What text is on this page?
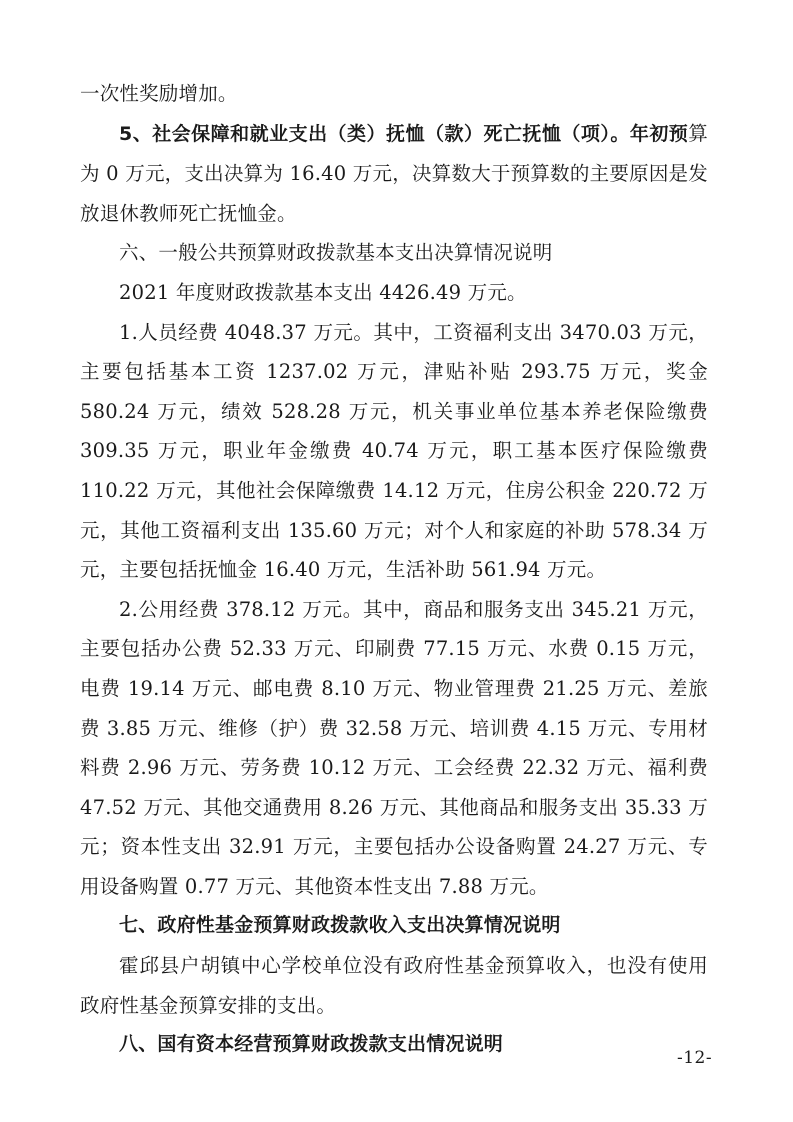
一次性奖励增加。

5、社会保障和就业支出（类）抚恤（款）死亡抚恤（项）。年初预算为 0 万元，支出决算为 16.40 万元，决算数大于预算数的主要原因是发放退休教师死亡抚恤金。

六、一般公共预算财政拨款基本支出决算情况说明

2021 年度财政拨款基本支出 4426.49 万元。

1.人员经费 4048.37 万元。其中，工资福利支出 3470.03 万元，主要包括基本工资 1237.02 万元，津贴补贴 293.75 万元，奖金 580.24 万元，绩效 528.28 万元，机关事业单位基本养老保险缴费 309.35 万元，职业年金缴费 40.74 万元，职工基本医疗保险缴费 110.22 万元，其他社会保障缴费 14.12 万元，住房公积金 220.72 万元，其他工资福利支出 135.60 万元；对个人和家庭的补助 578.34 万元，主要包括抚恤金 16.40 万元，生活补助 561.94 万元。

2.公用经费 378.12 万元。其中，商品和服务支出 345.21 万元，主要包括办公费 52.33 万元、印刷费 77.15 万元、水费 0.15 万元，电费 19.14 万元、邮电费 8.10 万元、物业管理费 21.25 万元、差旅费 3.85 万元、维修（护）费 32.58 万元、培训费 4.15 万元、专用材料费 2.96 万元、劳务费 10.12 万元、工会经费 22.32 万元、福利费 47.52 万元、其他交通费用 8.26 万元、其他商品和服务支出 35.33 万元；资本性支出 32.91 万元，主要包括办公设备购置 24.27 万元、专用设备购置 0.77 万元、其他资本性支出 7.88 万元。

七、政府性基金预算财政拨款收入支出决算情况说明

霍邱县户胡镇中心学校单位没有政府性基金预算收入，也没有使用政府性基金预算安排的支出。

八、国有资本经营预算财政拨款支出情况说明

-12-
